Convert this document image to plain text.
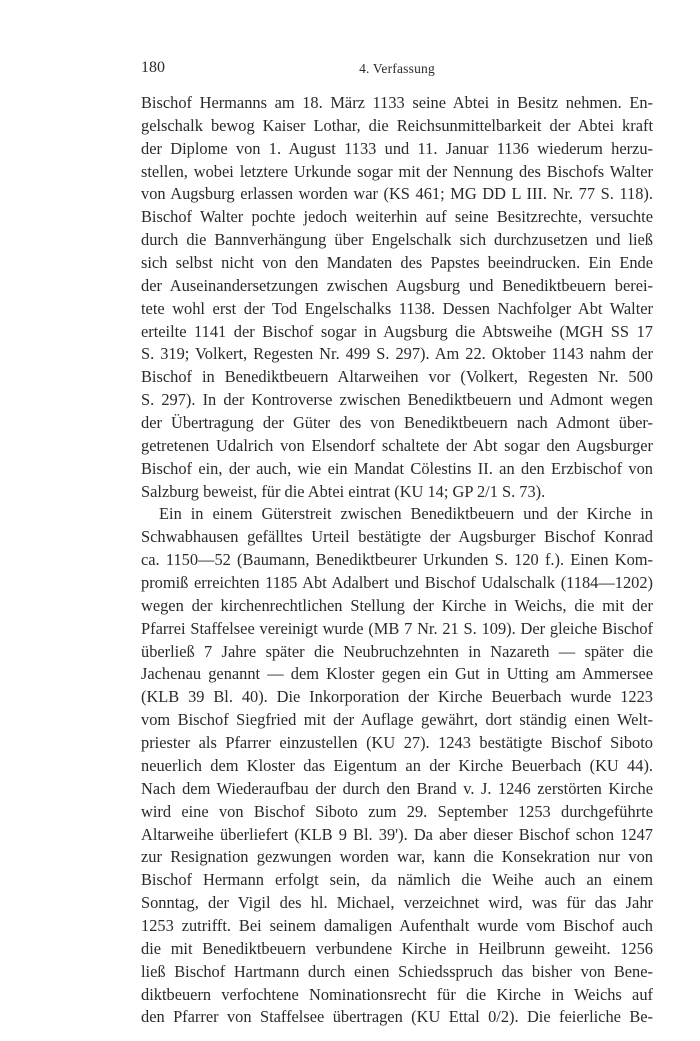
180	4. Verfassung
Bischof Hermanns am 18. März 1133 seine Abtei in Besitz nehmen. En-
gelschalk bewog Kaiser Lothar, die Reichsunmittelbarkeit der Abtei kraft
der Diplome von 1. August 1133 und 11. Januar 1136 wiederum herzu-
stellen, wobei letztere Urkunde sogar mit der Nennung des Bischofs Walter
von Augsburg erlassen worden war (KS 461; MG DD L III. Nr. 77 S. 118).
Bischof Walter pochte jedoch weiterhin auf seine Besitzrechte, versuchte
durch die Bannverhängung über Engelschalk sich durchzusetzen und ließ
sich selbst nicht von den Mandaten des Papstes beeindrucken. Ein Ende
der Auseinandersetzungen zwischen Augsburg und Benediktbeuern berei-
tete wohl erst der Tod Engelschalks 1138. Dessen Nachfolger Abt Walter
erteilte 1141 der Bischof sogar in Augsburg die Abtsweihe (MGH SS 17
S. 319; Volkert, Regesten Nr. 499 S. 297). Am 22. Oktober 1143 nahm der
Bischof in Benediktbeuern Altarweihen vor (Volkert, Regesten Nr. 500
S. 297). In der Kontroverse zwischen Benediktbeuern und Admont wegen
der Übertragung der Güter des von Benediktbeuern nach Admont über-
getretenen Udalrich von Elsendorf schaltete der Abt sogar den Augsburger
Bischof ein, der auch, wie ein Mandat Cölestins II. an den Erzbischof von
Salzburg beweist, für die Abtei eintrat (KU 14; GP 2/1 S. 73).
Ein in einem Güterstreit zwischen Benediktbeuern und der Kirche in
Schwabhausen gefälltes Urteil bestätigte der Augsburger Bischof Konrad
ca. 1150—52 (Baumann, Benediktbeurer Urkunden S. 120 f.). Einen Kom-
promiß erreichten 1185 Abt Adalbert und Bischof Udalschalk (1184—1202)
wegen der kirchenrechtlichen Stellung der Kirche in Weichs, die mit der
Pfarrei Staffelsee vereinigt wurde (MB 7 Nr. 21 S. 109). Der gleiche Bischof
überließ 7 Jahre später die Neubruchzehnten in Nazareth — später die
Jachenau genannt — dem Kloster gegen ein Gut in Utting am Ammersee
(KLB 39 Bl. 40). Die Inkorporation der Kirche Beuerbach wurde 1223
vom Bischof Siegfried mit der Auflage gewährt, dort ständig einen Welt-
priester als Pfarrer einzustellen (KU 27). 1243 bestätigte Bischof Siboto
neuerlich dem Kloster das Eigentum an der Kirche Beuerbach (KU 44).
Nach dem Wiederaufbau der durch den Brand v. J. 1246 zerstörten Kirche
wird eine von Bischof Siboto zum 29. September 1253 durchgeführte
Altarweihe überliefert (KLB 9 Bl. 39'). Da aber dieser Bischof schon 1247
zur Resignation gezwungen worden war, kann die Konsekration nur von
Bischof Hermann erfolgt sein, da nämlich die Weihe auch an einem
Sonntag, der Vigil des hl. Michael, verzeichnet wird, was für das Jahr
1253 zutrifft. Bei seinem damaligen Aufenthalt wurde vom Bischof auch
die mit Benediktbeuern verbundene Kirche in Heilbrunn geweiht. 1256
ließ Bischof Hartmann durch einen Schiedsspruch das bisher von Bene-
diktbeuern verfochtene Nominationsrecht für die Kirche in Weichs auf
den Pfarrer von Staffelsee übertragen (KU Ettal 0/2). Die feierliche Be-
